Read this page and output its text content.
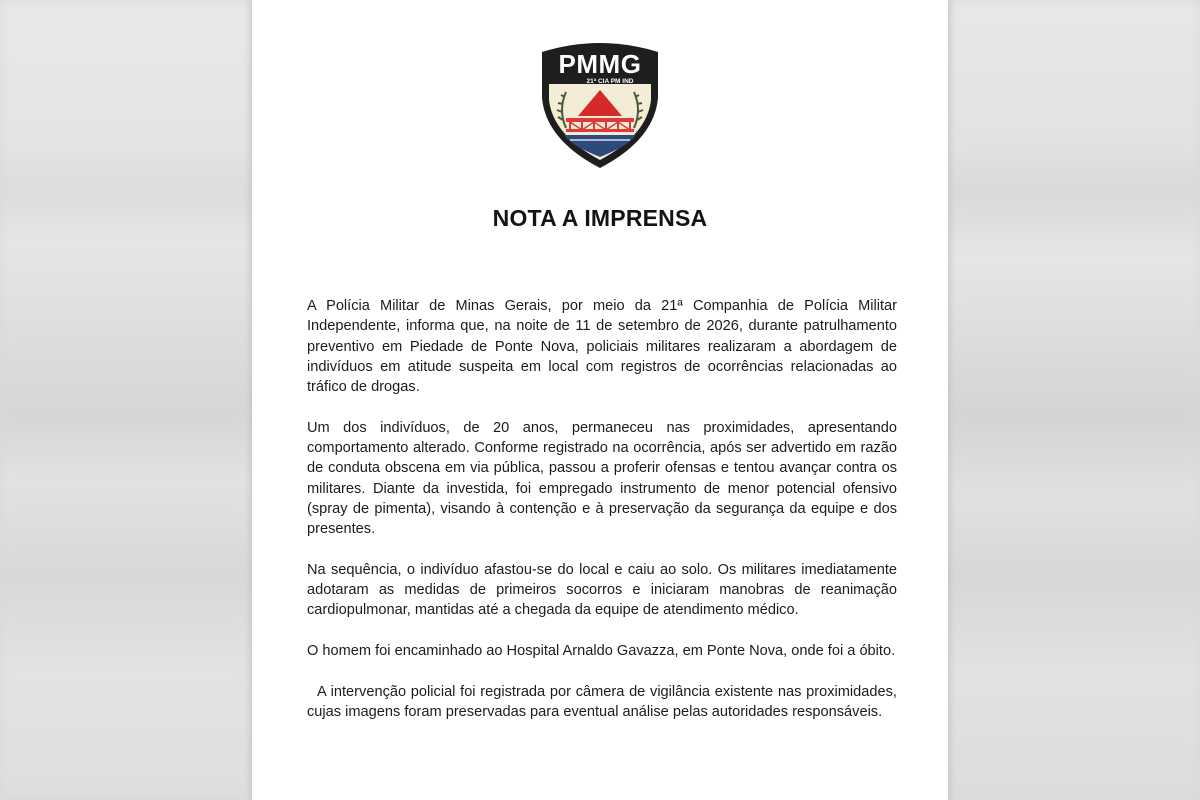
PMMG
21ª CIA PM IND
NOTA A IMPRENSA

A Polícia Militar de Minas Gerais, por meio da 21ª Companhia de Polícia Militar Independente, informa que, na noite de 11 de setembro de 2026, durante patrulhamento preventivo em Piedade de Ponte Nova, policiais militares realizaram a abordagem de indivíduos em atitude suspeita em local com registros de ocorrências relacionadas ao tráfico de drogas.

Um dos indivíduos, de 20 anos, permaneceu nas proximidades, apresentando comportamento alterado. Conforme registrado na ocorrência, após ser advertido em razão de conduta obscena em via pública, passou a proferir ofensas e tentou avançar contra os militares. Diante da investida, foi empregado instrumento de menor potencial ofensivo (spray de pimenta), visando à contenção e à preservação da segurança da equipe e dos presentes.

Na sequência, o indivíduo afastou-se do local e caiu ao solo. Os militares imediatamente adotaram as medidas de primeiros socorros e iniciaram manobras de reanimação cardiopulmonar, mantidas até a chegada da equipe de atendimento médico.

O homem foi encaminhado ao Hospital Arnaldo Gavazza, em Ponte Nova, onde foi a óbito.

A intervenção policial foi registrada por câmera de vigilância existente nas proximidades, cujas imagens foram preservadas para eventual análise pelas autoridades responsáveis.
